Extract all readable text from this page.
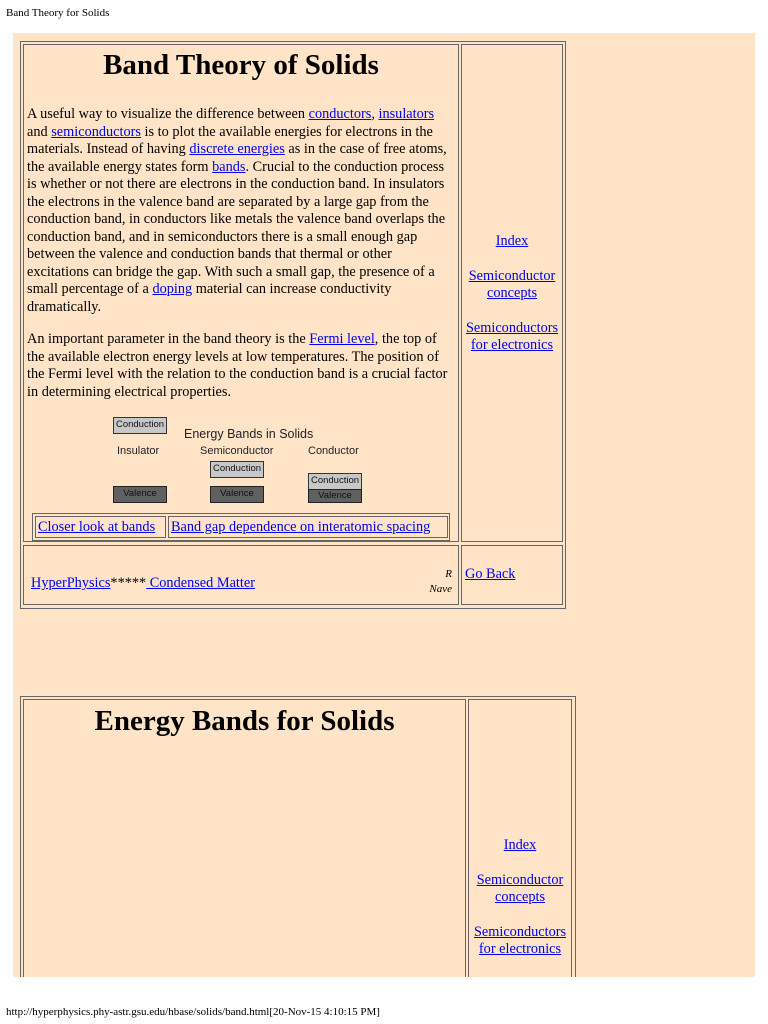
Band Theory for Solids
Band Theory of Solids

A useful way to visualize the difference between conductors, insulators and semiconductors is to plot the available energies for electrons in the materials. Instead of having discrete energies as in the case of free atoms, the available energy states form bands. Crucial to the conduction process is whether or not there are electrons in the conduction band. In insulators the electrons in the valence band are separated by a large gap from the conduction band, in conductors like metals the valence band overlaps the conduction band, and in semiconductors there is a small enough gap between the valence and conduction bands that thermal or other excitations can bridge the gap. With such a small gap, the presence of a small percentage of a doping material can increase conductivity dramatically.

An important parameter in the band theory is the Fermi level, the top of the available electron energy levels at low temperatures. The position of the Fermi level with the relation to the conduction band is a crucial factor in determining electrical properties.

Conduction
Energy Bands in Solids
Insulator	Semiconductor	Conductor
Conduction
Conduction
Valence	Valence	Valence
Closer look at bands	Band gap dependence on interatomic spacing
Index
Semiconductor concepts
Semiconductors for electronics
HyperPhysics***** Condensed Matter
R
Nave
Go Back
Energy Bands for Solids
Index
Semiconductor concepts
Semiconductors for electronics
http://hyperphysics.phy-astr.gsu.edu/hbase/solids/band.html[20-Nov-15 4:10:15 PM]
